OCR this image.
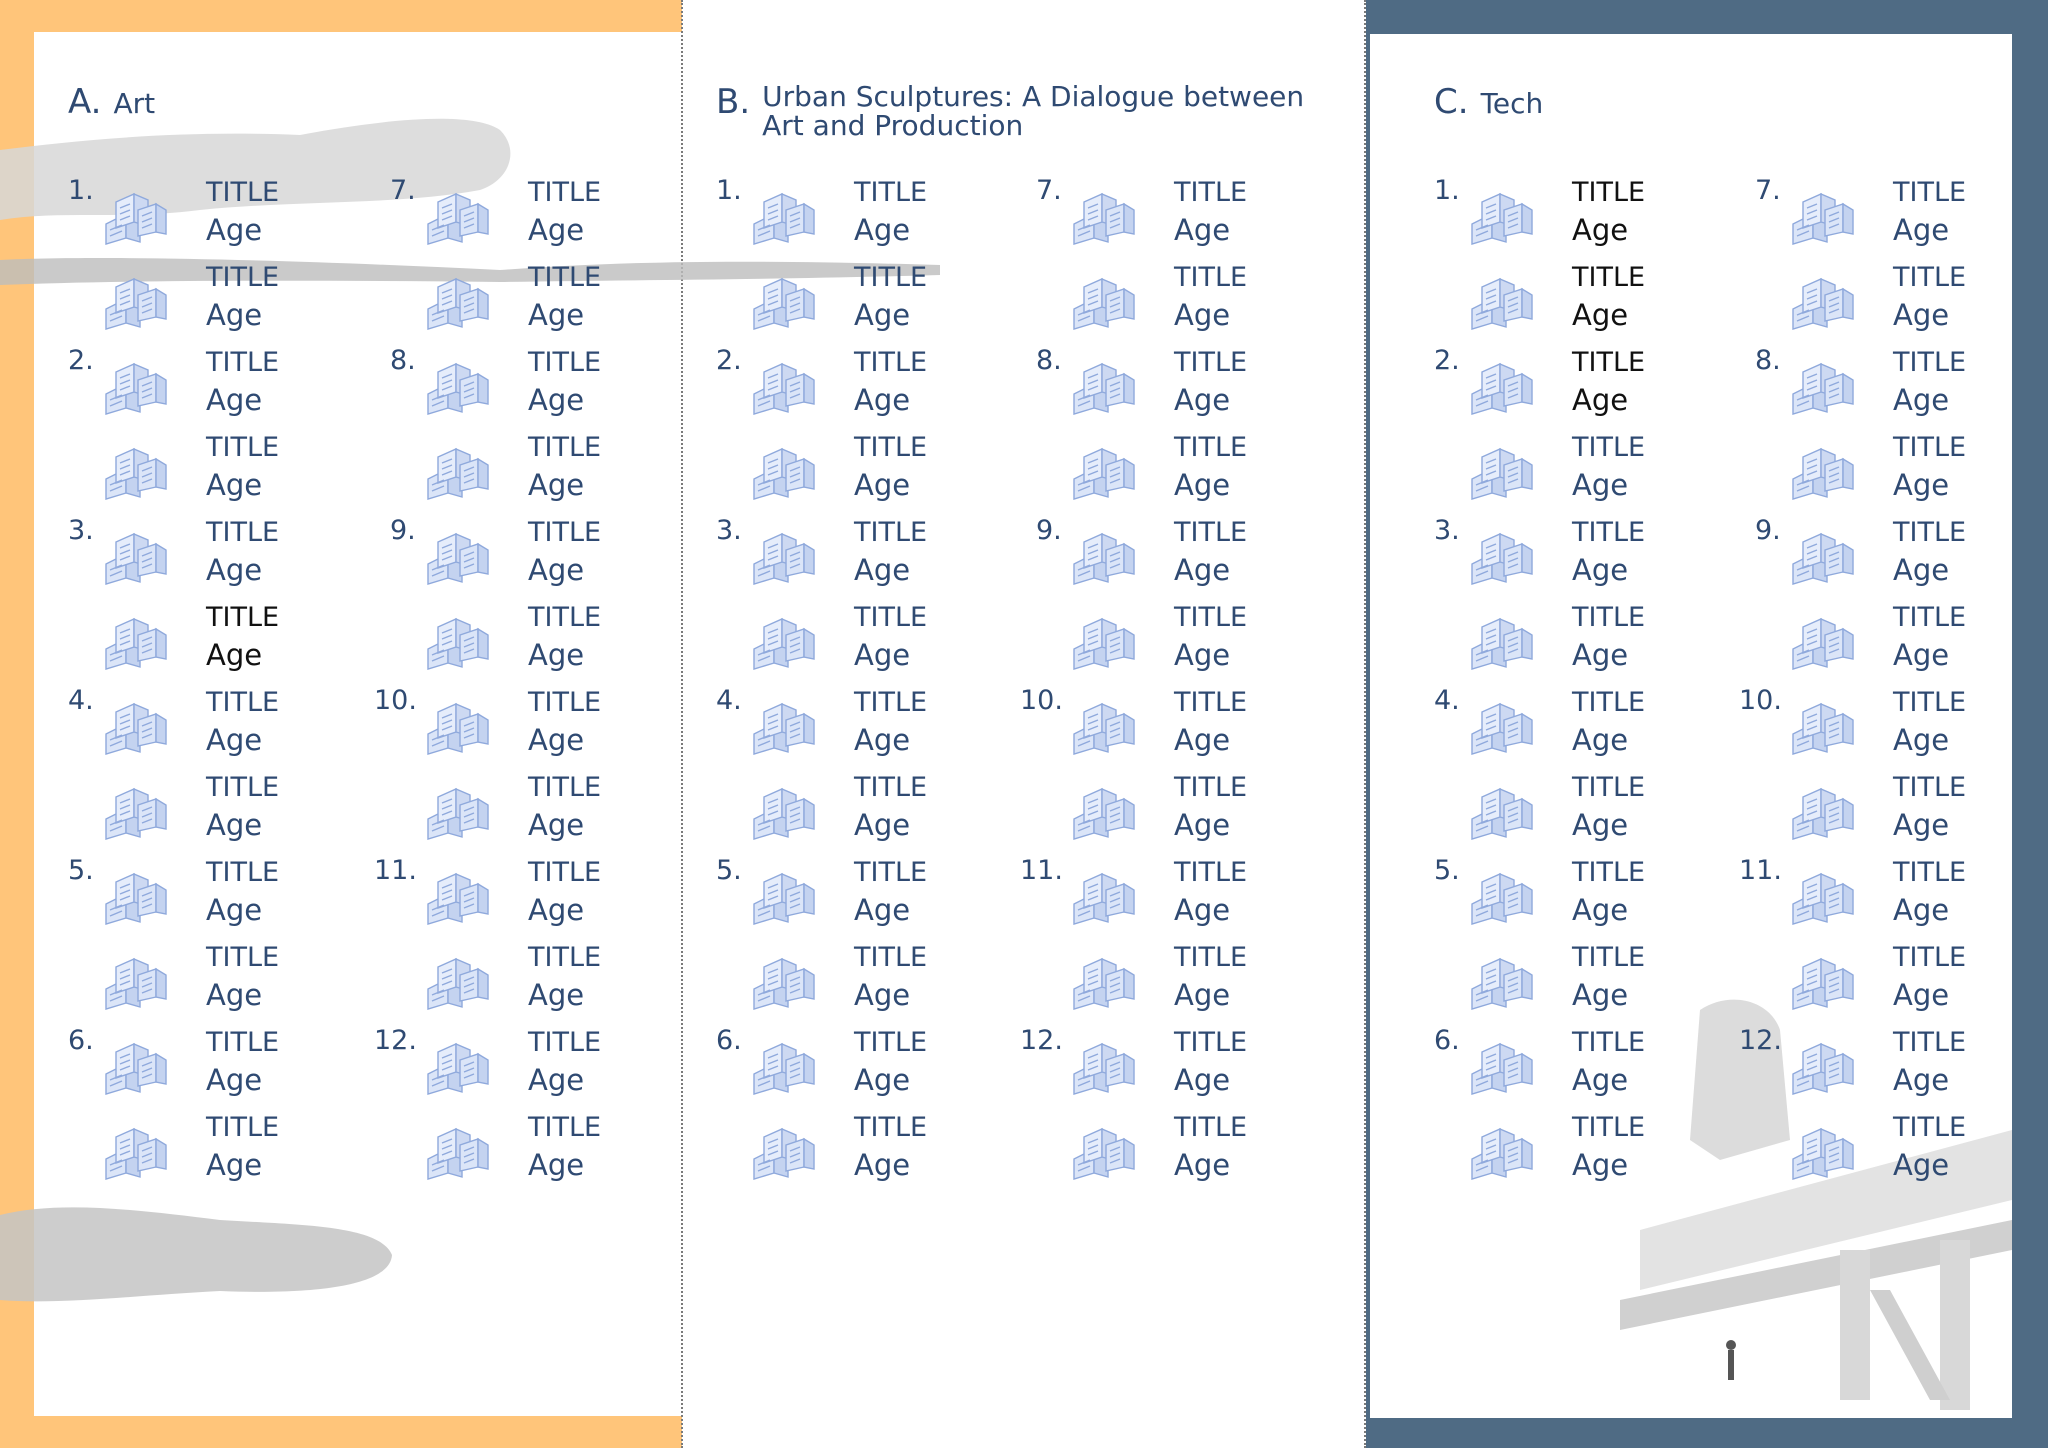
A. Art	B. Urban Sculptures: A Dialogue between
Art and Production
C. Tech
1.	TITLE
Age
TITLE
Age
2.	TITLE
Age
TITLE
Age
3.	TITLE
Age
TITLE
Age
4.	TITLE
Age
TITLE
Age
5.	TITLE
Age
TITLE
Age
6.	TITLE
Age
TITLE
Age
7.	TITLE
Age
TITLE
Age
8.	TITLE
Age
TITLE
Age
9.	TITLE
Age
TITLE
Age
10.	TITLE
Age
TITLE
Age
11.	TITLE
Age
TITLE
Age
12.	TITLE
Age
TITLE
Age
1.	TITLE
Age
TITLE
Age
2.	TITLE
Age
TITLE
Age
3.	TITLE
Age
TITLE
Age
4.	TITLE
Age
TITLE
Age
5.	TITLE
Age
TITLE
Age
6.	TITLE
Age
TITLE
Age
7.	TITLE
Age
TITLE
Age
8.	TITLE
Age
TITLE
Age
9.	TITLE
Age
TITLE
Age
10.	TITLE
Age
TITLE
Age
11.	TITLE
Age
TITLE
Age
12.	TITLE
Age
TITLE
Age
1.	TITLE
Age
TITLE
Age
2.	TITLE
Age
TITLE
Age
3.	TITLE
Age
TITLE
Age
4.	TITLE
Age
TITLE
Age
5.	TITLE
Age
TITLE
Age
6.	TITLE
Age
TITLE
Age
7.	TITLE
Age
TITLE
Age
8.	TITLE
Age
TITLE
Age
9.	TITLE
Age
TITLE
Age
10.	TITLE
Age
TITLE
Age
11.	TITLE
Age
TITLE
Age
12.	TITLE
Age
TITLE
Age
